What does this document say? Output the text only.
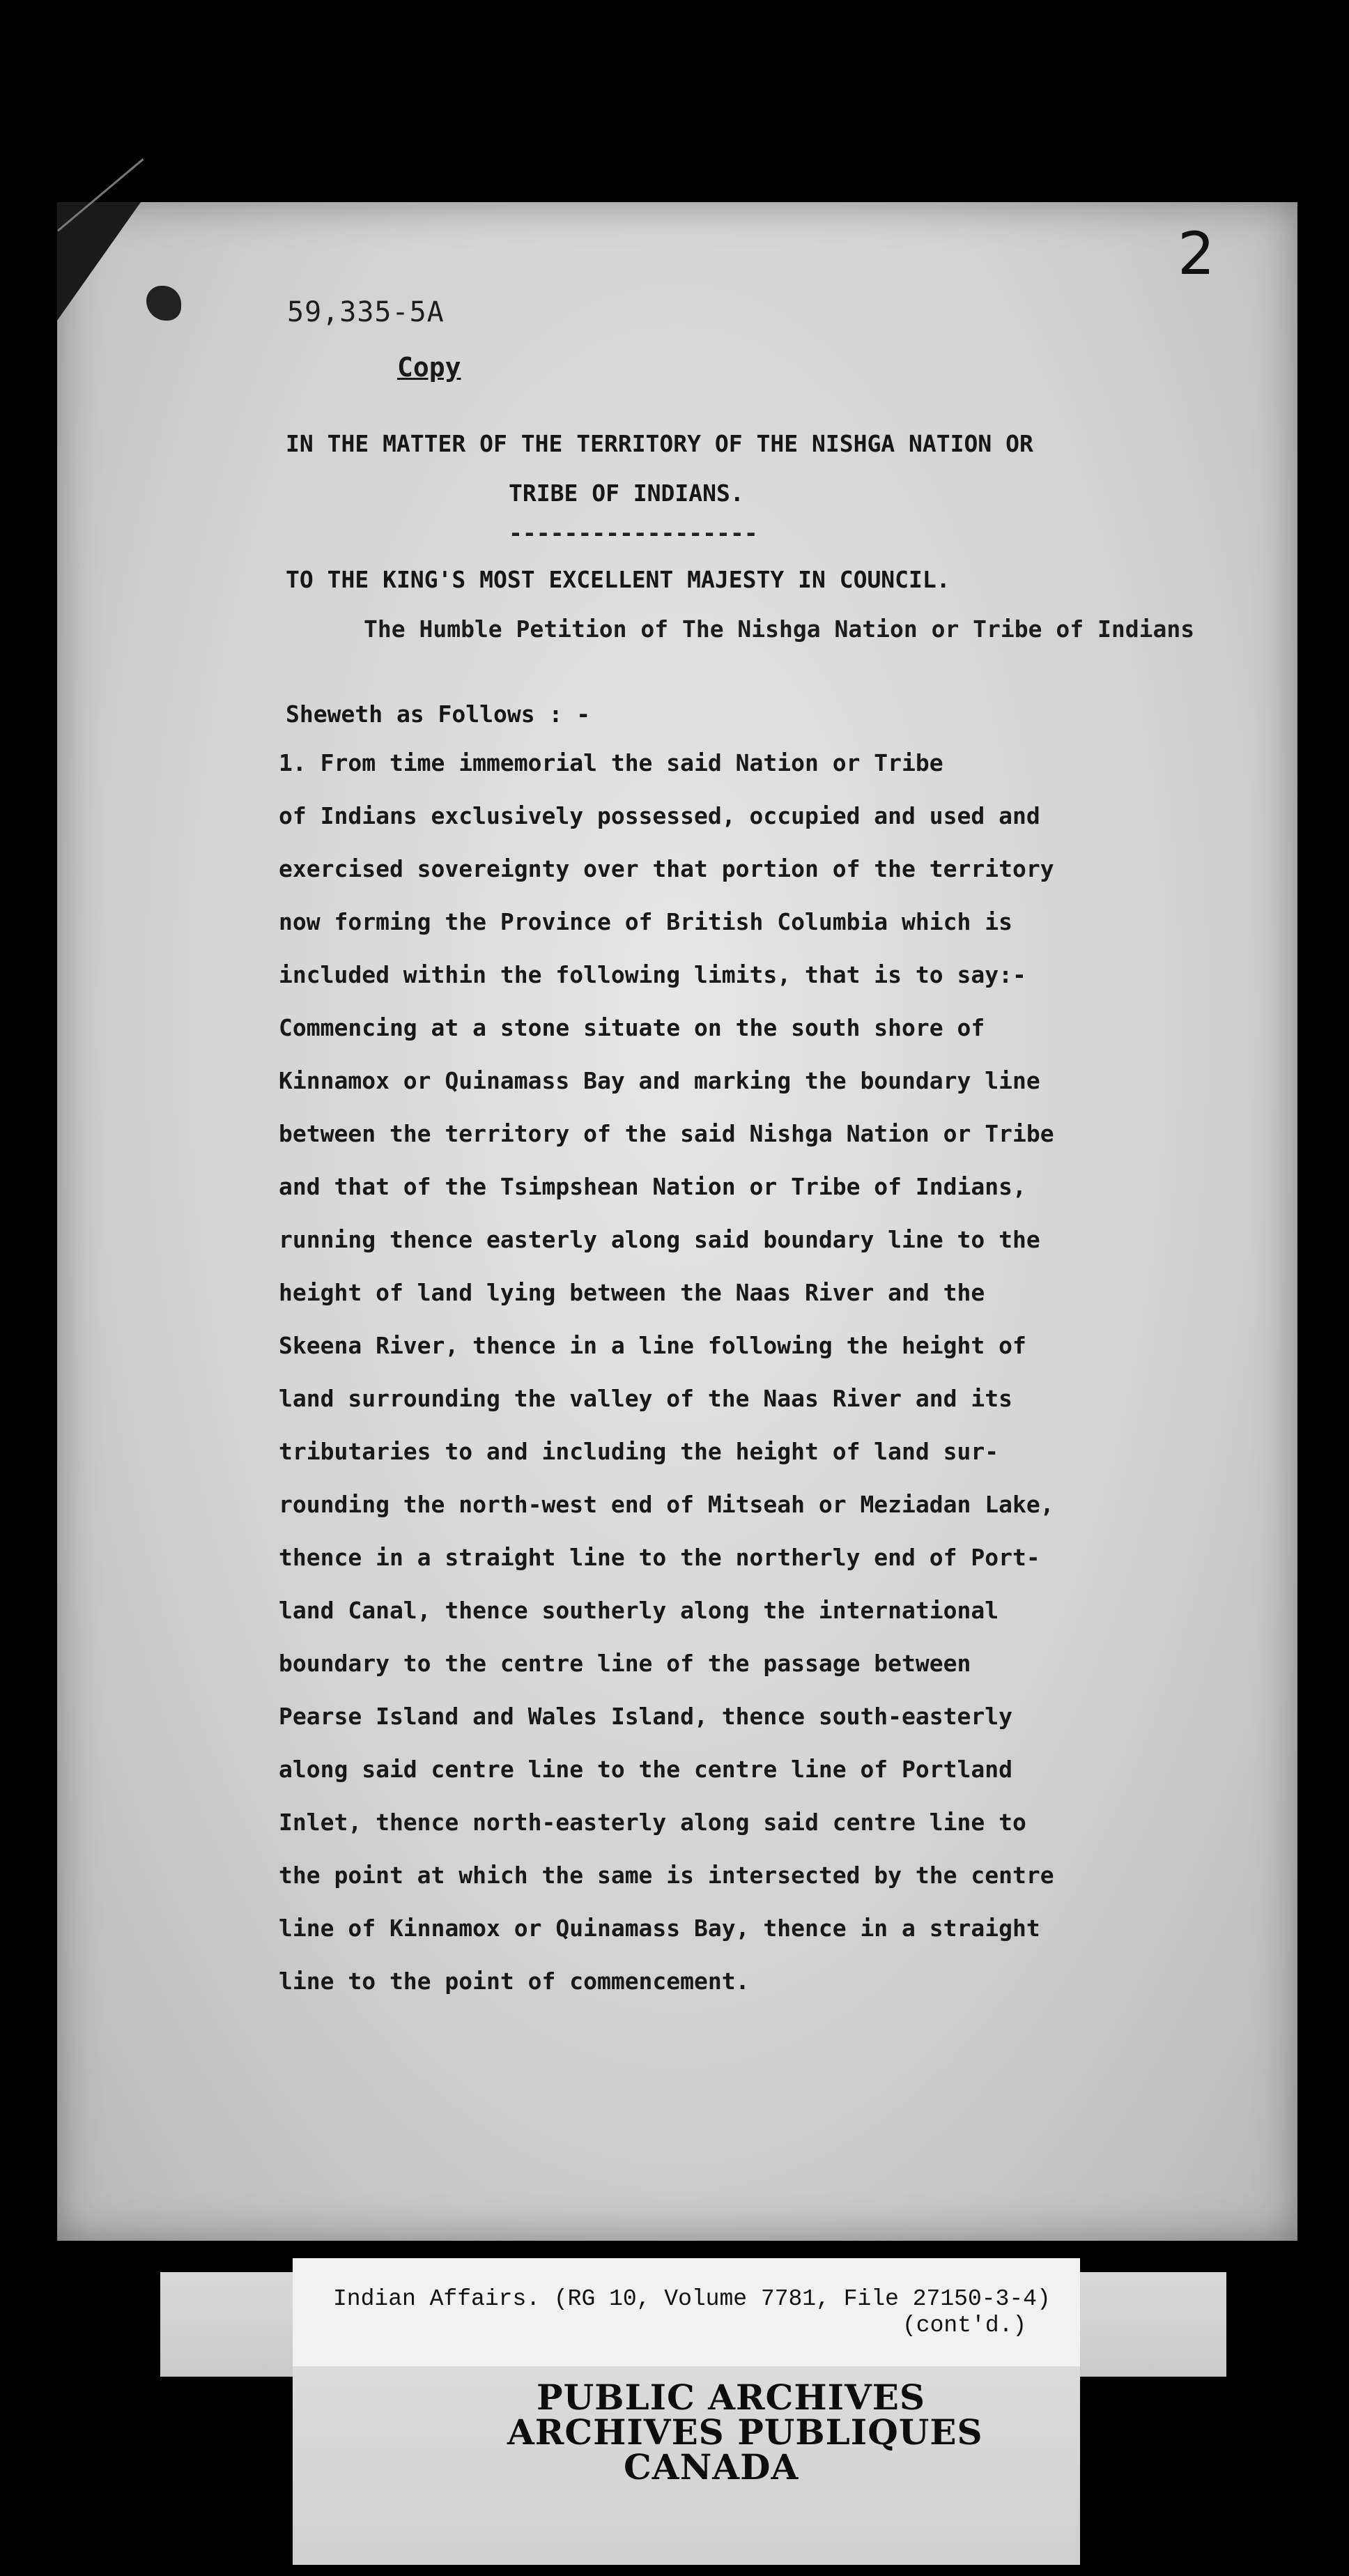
59,335-5A
2
Copy
IN THE MATTER OF THE TERRITORY OF THE NISHGA NATION OR
TRIBE OF INDIANS.
------------------
TO THE KING'S MOST EXCELLENT MAJESTY IN COUNCIL.
The Humble Petition of The Nishga Nation or Tribe of Indians
Sheweth as Follows : -
1. From time immemorial the said Nation or Tribe
of Indians exclusively possessed, occupied and used and
exercised sovereignty over that portion of the territory
now forming the Province of British Columbia which is
included within the following limits, that is to say:-
Commencing at a stone situate on the south shore of
Kinnamox or Quinamass Bay and marking the boundary line
between the territory of the said Nishga Nation or Tribe
and that of the Tsimpshean Nation or Tribe of Indians,
running thence easterly along said boundary line to the
height of land lying between the Naas River and the
Skeena River, thence in a line following the height of
land surrounding the valley of the Naas River and its
tributaries to and including the height of land sur-
rounding the north-west end of Mitseah or Meziadan Lake,
thence in a straight line to the northerly end of Port-
land Canal, thence southerly along the international
boundary to the centre line of the passage between
Pearse Island and Wales Island, thence south-easterly
along said centre line to the centre line of Portland
Inlet, thence north-easterly along said centre line to
the point at which the same is intersected by the centre
line of Kinnamox or Quinamass Bay, thence in a straight
line to the point of commencement.
Indian Affairs. (RG 10, Volume 7781, File 27150-3-4)
(cont'd.)
PUBLIC ARCHIVES
ARCHIVES PUBLIQUES
CANADA
